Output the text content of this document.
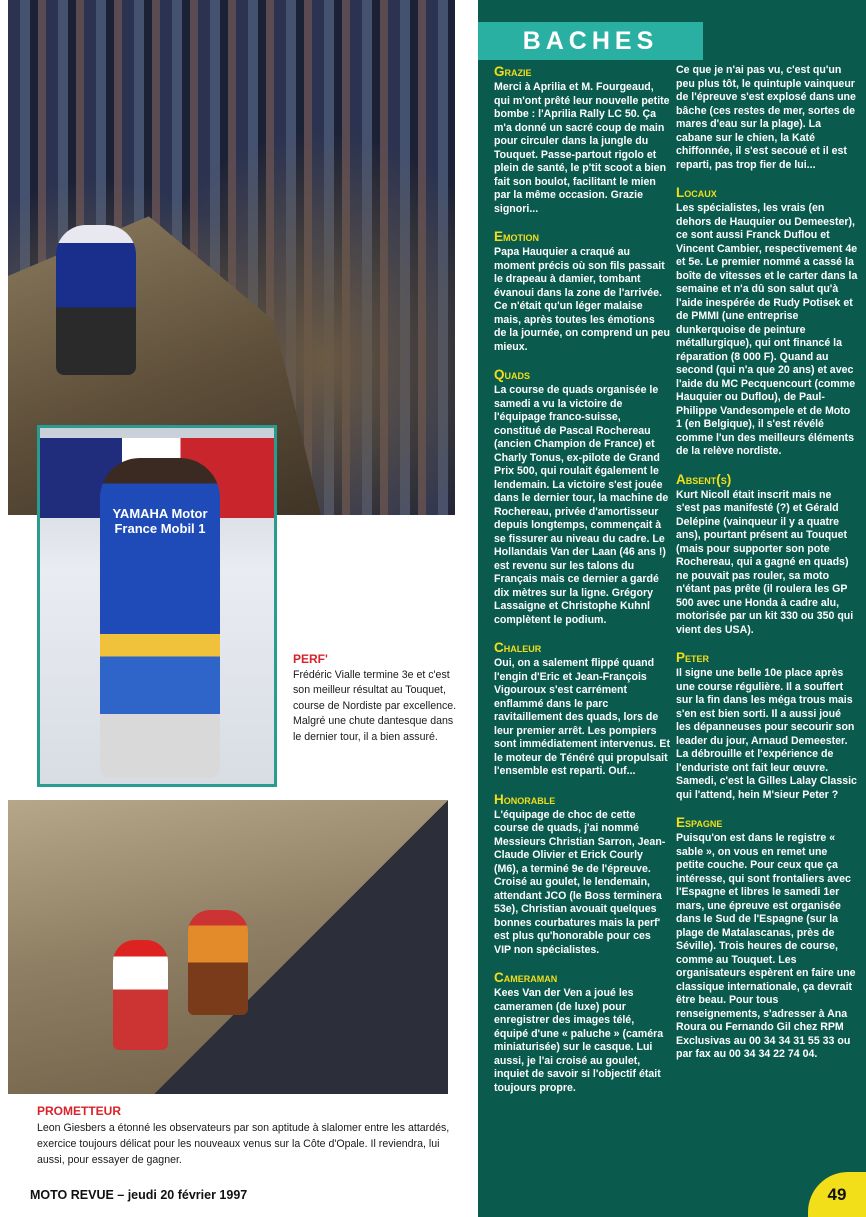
YAMAHA Motor France Mobil 1
PERF'
Frédéric Vialle termine 3e et c'est son meilleur résultat au Touquet, course de Nordiste par excellence. Malgré une chute dantesque dans le dernier tour, il a bien assuré.
PROMETTEUR
Leon Giesbers a étonné les observateurs par son aptitude à slalomer entre les attardés, exercice toujours délicat pour les nouveaux venus sur la Côte d'Opale. Il reviendra, lui aussi, pour essayer de gagner.
MOTO REVUE – jeudi 20 février 1997
BACHES
Grazie

Merci à Aprilia et M. Fourgeaud, qui m'ont prêté leur nouvelle petite bombe : l'Aprilia Rally LC 50. Ça m'a donné un sacré coup de main pour circuler dans la jungle du Touquet. Passe-partout rigolo et plein de santé, le p'tit scoot a bien fait son boulot, facilitant le mien par la même occasion. Grazie signori...

Emotion

Papa Hauquier a craqué au moment précis où son fils passait le drapeau à damier, tombant évanoui dans la zone de l'arrivée. Ce n'était qu'un léger malaise mais, après toutes les émotions de la journée, on comprend un peu mieux.

Quads

La course de quads organisée le samedi a vu la victoire de l'équipage franco-suisse, constitué de Pascal Rochereau (ancien Champion de France) et Charly Tonus, ex-pilote de Grand Prix 500, qui roulait également le lendemain. La victoire s'est jouée dans le dernier tour, la machine de Rochereau, privée d'amortisseur depuis longtemps, commençait à se fissurer au niveau du cadre. Le Hollandais Van der Laan (46 ans !) est revenu sur les talons du Français mais ce dernier a gardé dix mètres sur la ligne. Grégory Lassaigne et Christophe Kuhnl complètent le podium.

Chaleur

Oui, on a salement flippé quand l'engin d'Eric et Jean-François Vigouroux s'est carrément enflammé dans le parc ravitaillement des quads, lors de leur premier arrêt. Les pompiers sont immédiatement intervenus. Et le moteur de Ténéré qui propulsait l'ensemble est reparti. Ouf...

Honorable

L'équipage de choc de cette course de quads, j'ai nommé Messieurs Christian Sarron, Jean-Claude Olivier et Erick Courly (M6), a terminé 9e de l'épreuve. Croisé au goulet, le lendemain, attendant JCO (le Boss terminera 53e), Christian avouait quelques bonnes courbatures mais la perf' est plus qu'honorable pour ces VIP non spécialistes.

Cameraman

Kees Van der Ven a joué les cameramen (de luxe) pour enregistrer des images télé, équipé d'une « paluche » (caméra miniaturisée) sur le casque. Lui aussi, je l'ai croisé au goulet, inquiet de savoir si l'objectif était toujours propre.

Ce que je n'ai pas vu, c'est qu'un peu plus tôt, le quintuple vainqueur de l'épreuve s'est explosé dans une bâche (ces restes de mer, sortes de mares d'eau sur la plage). La cabane sur le chien, la Katé chiffonnée, il s'est secoué et il est reparti, pas trop fier de lui...

Locaux

Les spécialistes, les vrais (en dehors de Hauquier ou Demeester), ce sont aussi Franck Duflou et Vincent Cambier, respectivement 4e et 5e. Le premier nommé a cassé la boîte de vitesses et le carter dans la semaine et n'a dû son salut qu'à l'aide inespérée de Rudy Potisek et de PMMI (une entreprise dunkerquoise de peinture métallurgique), qui ont financé la réparation (8 000 F). Quand au second (qui n'a que 20 ans) et avec l'aide du MC Pecquencourt (comme Hauquier ou Duflou), de Paul-Philippe Vandesompele et de Moto 1 (en Belgique), il s'est révélé comme l'un des meilleurs éléments de la relève nordiste.

Absent(s)

Kurt Nicoll était inscrit mais ne s'est pas manifesté (?) et Gérald Delépine (vainqueur il y a quatre ans), pourtant présent au Touquet (mais pour supporter son pote Rochereau, qui a gagné en quads) ne pouvait pas rouler, sa moto n'étant pas prête (il roulera les GP 500 avec une Honda à cadre alu, motorisée par un kit 330 ou 350 qui vient des USA).

Peter

Il signe une belle 10e place après une course régulière. Il a souffert sur la fin dans les méga trous mais s'en est bien sorti. Il a aussi joué les dépanneuses pour secourir son leader du jour, Arnaud Demeester. La débrouille et l'expérience de l'enduriste ont fait leur œuvre. Samedi, c'est la Gilles Lalay Classic qui l'attend, hein M'sieur Peter ?

Espagne

Puisqu'on est dans le registre « sable », on vous en remet une petite couche. Pour ceux que ça intéresse, qui sont frontaliers avec l'Espagne et libres le samedi 1er mars, une épreuve est organisée dans le Sud de l'Espagne (sur la plage de Matalascanas, près de Séville). Trois heures de course, comme au Touquet. Les organisateurs espèrent en faire une classique internationale, ça devrait être beau. Pour tous renseignements, s'adresser à Ana Roura ou Fernando Gil chez RPM Exclusivas au 00 34 34 31 55 33 ou par fax au 00 34 34 22 74 04.

49
